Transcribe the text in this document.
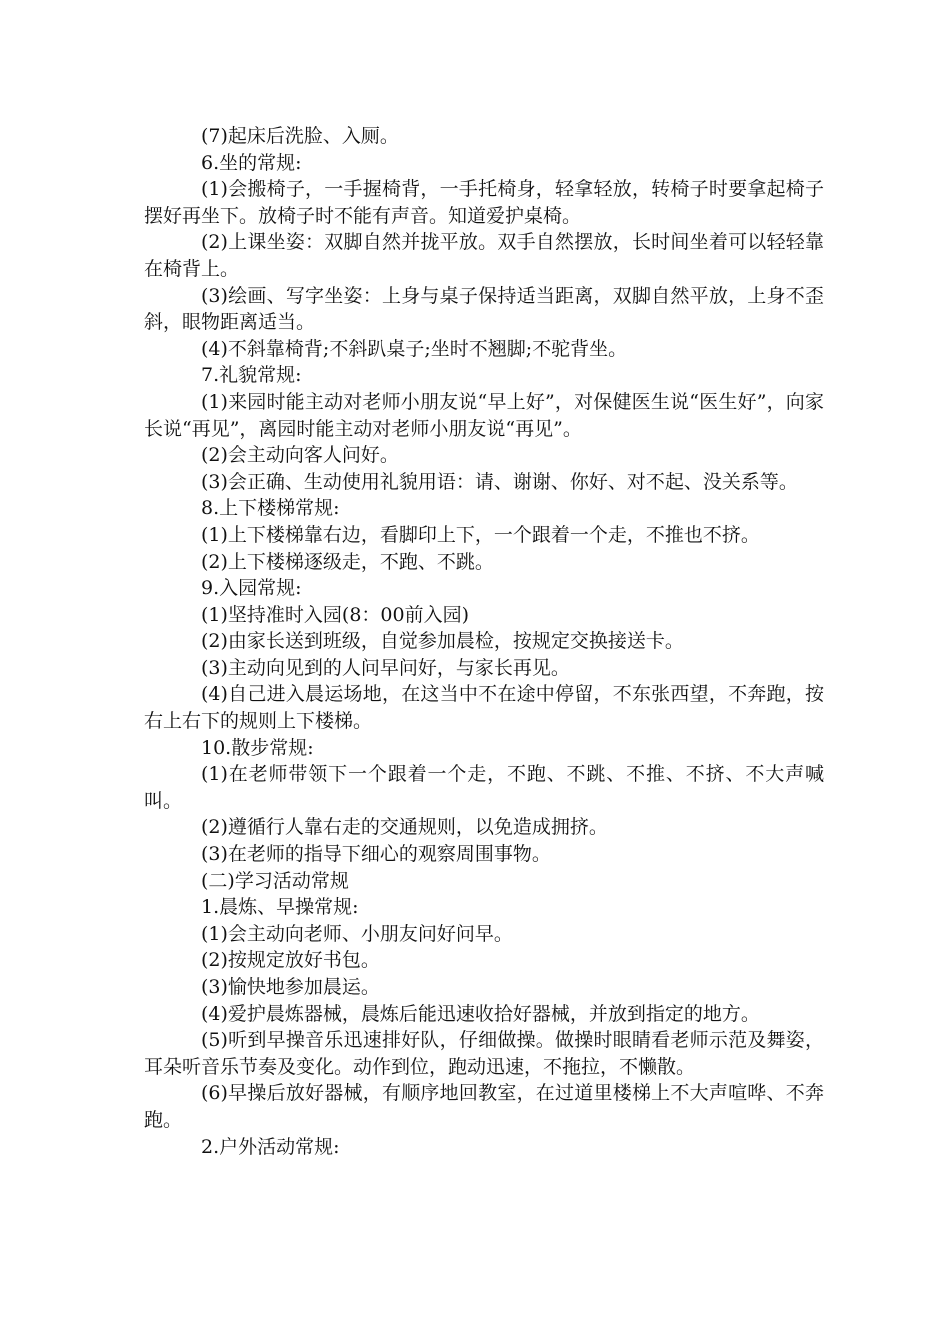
(7)起床后洗脸、入厕。

6.坐的常规:

(1)会搬椅子，一手握椅背，一手托椅身，轻拿轻放，转椅子时要拿起椅子摆好再坐下。放椅子时不能有声音。知道爱护桌椅。

(2)上课坐姿：双脚自然并拢平放。双手自然摆放，长时间坐着可以轻轻靠在椅背上。

(3)绘画、写字坐姿：上身与桌子保持适当距离，双脚自然平放，上身不歪斜，眼物距离适当。

(4)不斜靠椅背;不斜趴桌子;坐时不翘脚;不驼背坐。

7.礼貌常规:

(1)来园时能主动对老师小朋友说“早上好”，对保健医生说“医生好”，向家长说“再见”，离园时能主动对老师小朋友说“再见”。

(2)会主动向客人问好。

(3)会正确、生动使用礼貌用语：请、谢谢、你好、对不起、没关系等。

8.上下楼梯常规:

(1)上下楼梯靠右边，看脚印上下，一个跟着一个走，不推也不挤。

(2)上下楼梯逐级走，不跑、不跳。

9.入园常规:

(1)坚持准时入园(8：00前入园)

(2)由家长送到班级，自觉参加晨检，按规定交换接送卡。

(3)主动向见到的人问早问好，与家长再见。

(4)自己进入晨运场地，在这当中不在途中停留，不东张西望，不奔跑，按右上右下的规则上下楼梯。

10.散步常规:

(1)在老师带领下一个跟着一个走，不跑、不跳、不推、不挤、不大声喊叫。

(2)遵循行人靠右走的交通规则，以免造成拥挤。

(3)在老师的指导下细心的观察周围事物。

(二)学习活动常规

1.晨炼、早操常规:

(1)会主动向老师、小朋友问好问早。

(2)按规定放好书包。

(3)愉快地参加晨运。

(4)爱护晨炼器械，晨炼后能迅速收拾好器械，并放到指定的地方。

(5)听到早操音乐迅速排好队，仔细做操。做操时眼睛看老师示范及舞姿，耳朵听音乐节奏及变化。动作到位，跑动迅速，不拖拉，不懒散。

(6)早操后放好器械，有顺序地回教室，在过道里楼梯上不大声喧哗、不奔跑。

2.户外活动常规:
